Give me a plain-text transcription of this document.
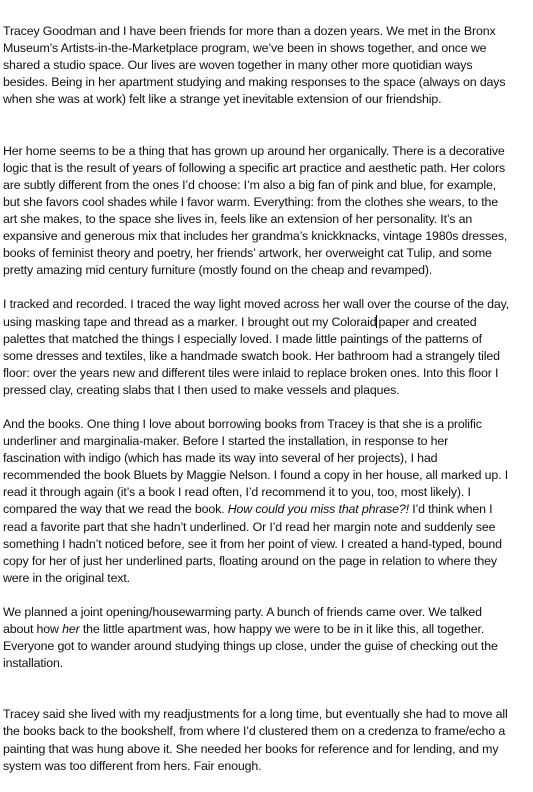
Tracey Goodman and I have been friends for more than a dozen years. We met in the Bronx
Museum’s Artists-in-the-Marketplace program, we’ve been in shows together, and once we
shared a studio space. Our lives are woven together in many other more quotidian ways
besides. Being in her apartment studying and making responses to the space (always on days
when she was at work) felt like a strange yet inevitable extension of our friendship.

Her home seems to be a thing that has grown up around her organically. There is a decorative
logic that is the result of years of following a specific art practice and aesthetic path. Her colors
are subtly different from the ones I’d choose: I’m also a big fan of pink and blue, for example,
but she favors cool shades while I favor warm. Everything: from the clothes she wears, to the
art she makes, to the space she lives in, feels like an extension of her personality. It’s an
expansive and generous mix that includes her grandma’s knickknacks, vintage 1980s dresses,
books of feminist theory and poetry, her friends’ artwork, her overweight cat Tulip, and some
pretty amazing mid century furniture (mostly found on the cheap and revamped).

I tracked and recorded. I traced the way light moved across her wall over the course of the day,
using masking tape and thread as a marker. I brought out my Coloraid paper and created
palettes that matched the things I especially loved. I made little paintings of the patterns of
some dresses and textiles, like a handmade swatch book. Her bathroom had a strangely tiled
floor: over the years new and different tiles were inlaid to replace broken ones. Into this floor I
pressed clay, creating slabs that I then used to make vessels and plaques.

And the books. One thing I love about borrowing books from Tracey is that she is a prolific
underliner and marginalia-maker. Before I started the installation, in response to her
fascination with indigo (which has made its way into several of her projects), I had
recommended the book Bluets by Maggie Nelson. I found a copy in her house, all marked up. I
read it through again (it’s a book I read often, I’d recommend it to you, too, most likely). I
compared the way that we read the book. How could you miss that phrase?! I’d think when I
read a favorite part that she hadn’t underlined. Or I’d read her margin note and suddenly see
something I hadn’t noticed before, see it from her point of view. I created a hand-typed, bound
copy for her of just her underlined parts, floating around on the page in relation to where they
were in the original text.

We planned a joint opening/housewarming party. A bunch of friends came over. We talked
about how her the little apartment was, how happy we were to be in it like this, all together.
Everyone got to wander around studying things up close, under the guise of checking out the
installation.

Tracey said she lived with my readjustments for a long time, but eventually she had to move all
the books back to the bookshelf, from where I’d clustered them on a credenza to frame/echo a
painting that was hung above it. She needed her books for reference and for lending, and my
system was too different from hers. Fair enough.
